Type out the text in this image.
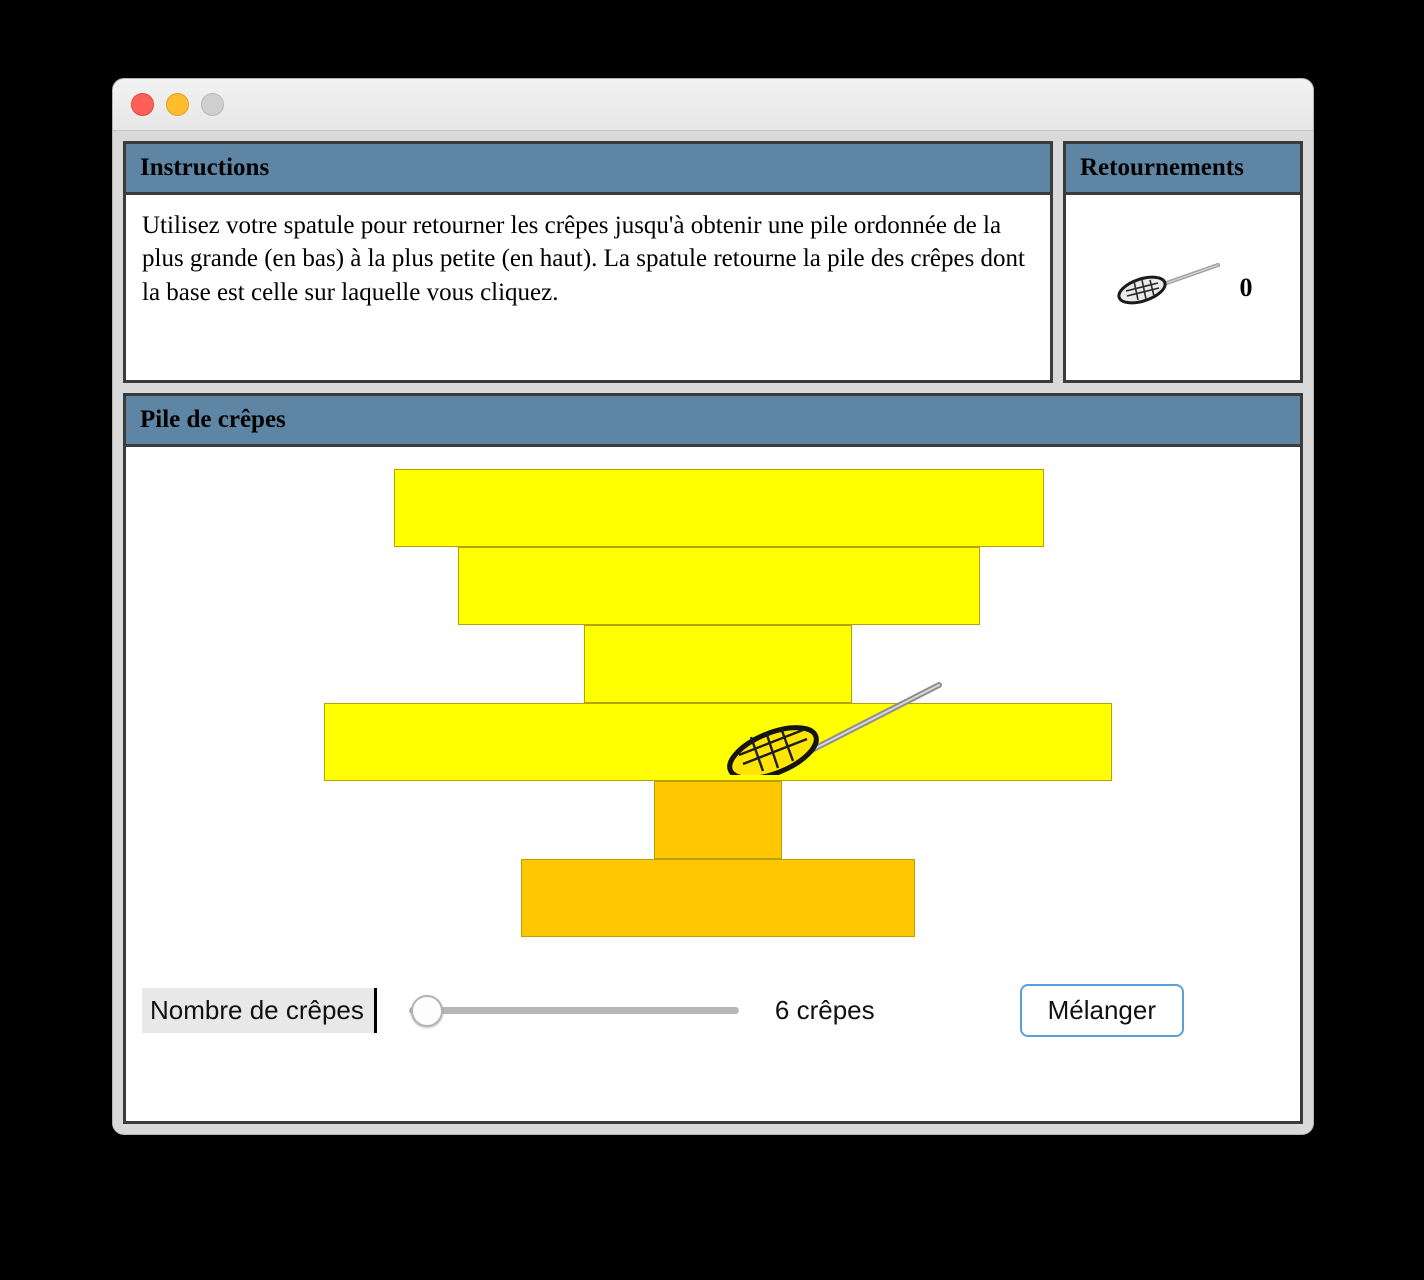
Instructions
Utilisez votre spatule pour retourner les crêpes jusqu'à obtenir une pile ordonnée de la plus grande (en bas) à la plus petite (en haut). La spatule retourne la pile des crêpes dont la base est celle sur laquelle vous cliquez.
Retournements
0
Pile de crêpes
Nombre de crêpes	6 crêpes	Mélanger
